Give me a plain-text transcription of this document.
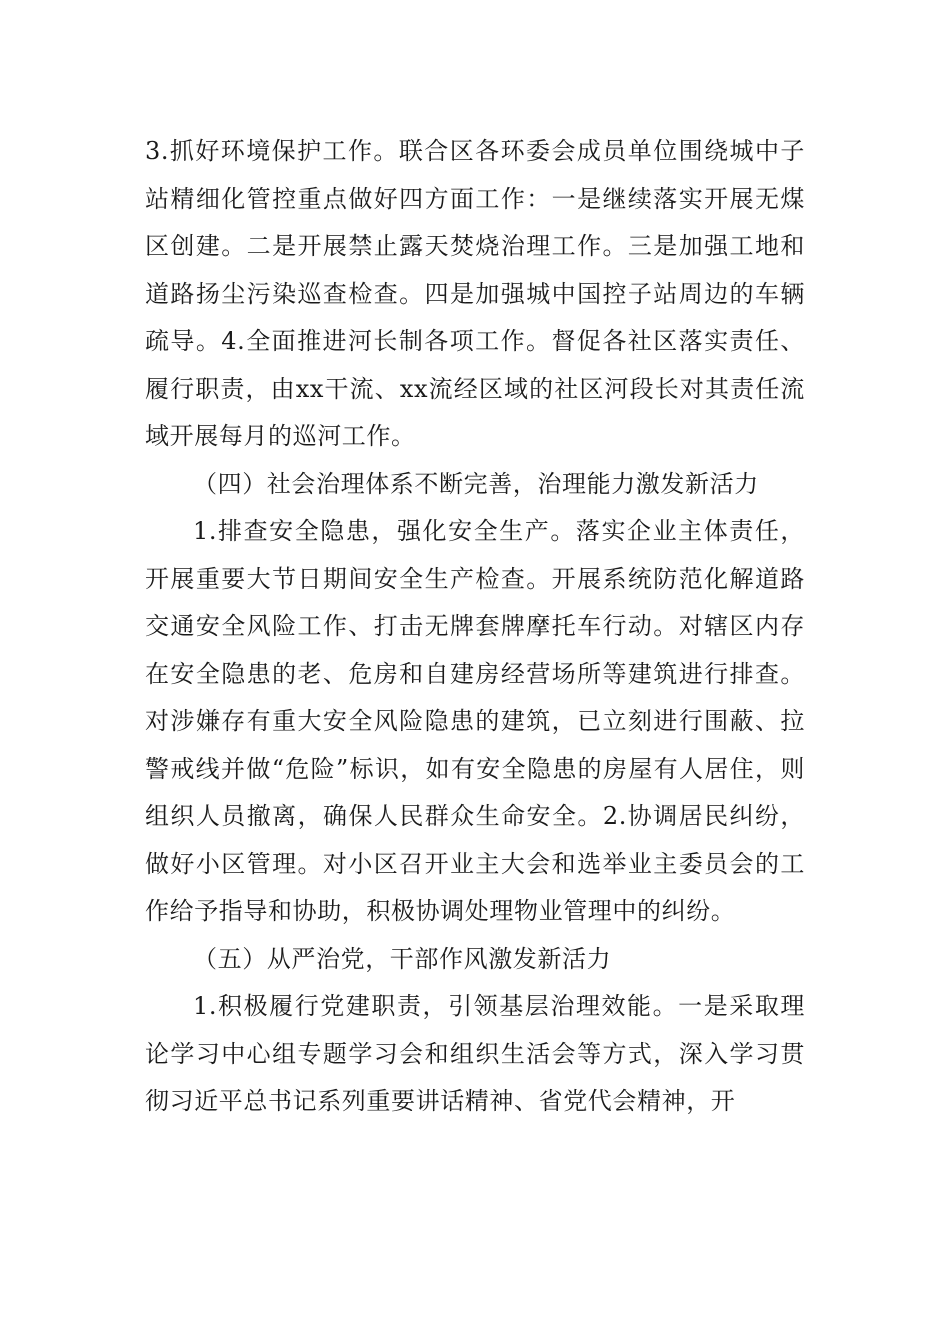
3.抓好环境保护工作。联合区各环委会成员单位围绕城中子站精细化管控重点做好四方面工作：一是继续落实开展无煤区创建。二是开展禁止露天焚烧治理工作。三是加强工地和道路扬尘污染巡查检查。四是加强城中国控子站周边的车辆疏导。4.全面推进河长制各项工作。督促各社区落实责任、履行职责，由xx干流、xx流经区域的社区河段长对其责任流域开展每月的巡河工作。

（四）社会治理体系不断完善，治理能力激发新活力

1.排查安全隐患，强化安全生产。落实企业主体责任，开展重要大节日期间安全生产检查。开展系统防范化解道路交通安全风险工作、打击无牌套牌摩托车行动。对辖区内存在安全隐患的老、危房和自建房经营场所等建筑进行排查。对涉嫌存有重大安全风险隐患的建筑，已立刻进行围蔽、拉警戒线并做“危险”标识，如有安全隐患的房屋有人居住，则组织人员撤离，确保人民群众生命安全。2.协调居民纠纷，做好小区管理。对小区召开业主大会和选举业主委员会的工作给予指导和协助，积极协调处理物业管理中的纠纷。

（五）从严治党，干部作风激发新活力

1.积极履行党建职责，引领基层治理效能。一是采取理论学习中心组专题学习会和组织生活会等方式，深入学习贯彻习近平总书记系列重要讲话精神、省党代会精神，开
